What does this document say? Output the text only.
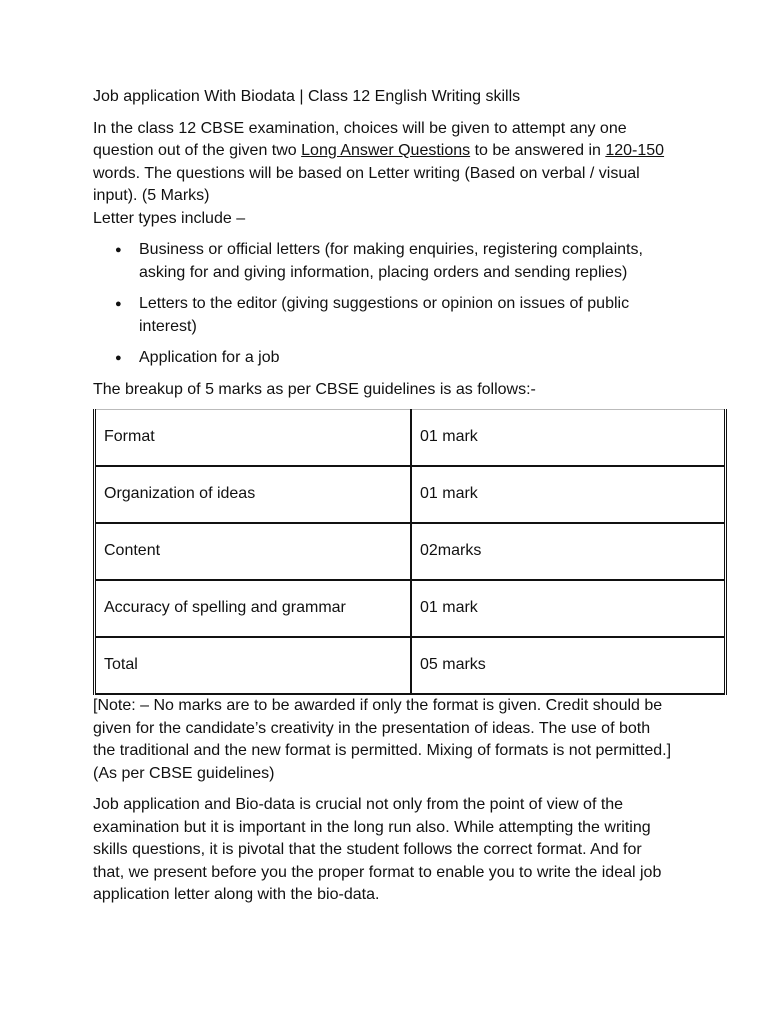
Job application With Biodata | Class 12 English Writing skills

In the class 12 CBSE examination, choices will be given to attempt any one question out of the given two Long Answer Questions to be answered in 120-150 words. The questions will be based on Letter writing (Based on verbal / visual input). (5 Marks)

Letter types include –

● Business or official letters (for making enquiries, registering complaints, asking for and giving information, placing orders and sending replies)
● Letters to the editor (giving suggestions or opinion on issues of public interest)
● Application for a job

The breakup of 5 marks as per CBSE guidelines is as follows:-

Format	01 mark
Organization of ideas	01 mark
Content	02marks
Accuracy of spelling and grammar	01 mark
Total	05 marks

[Note: – No marks are to be awarded if only the format is given. Credit should be given for the candidate’s creativity in the presentation of ideas. The use of both the traditional and the new format is permitted. Mixing of formats is not permitted.] (As per CBSE guidelines)

Job application and Bio-data is crucial not only from the point of view of the examination but it is important in the long run also. While attempting the writing skills questions, it is pivotal that the student follows the correct format. And for that, we present before you the proper format to enable you to write the ideal job application letter along with the bio-data.
